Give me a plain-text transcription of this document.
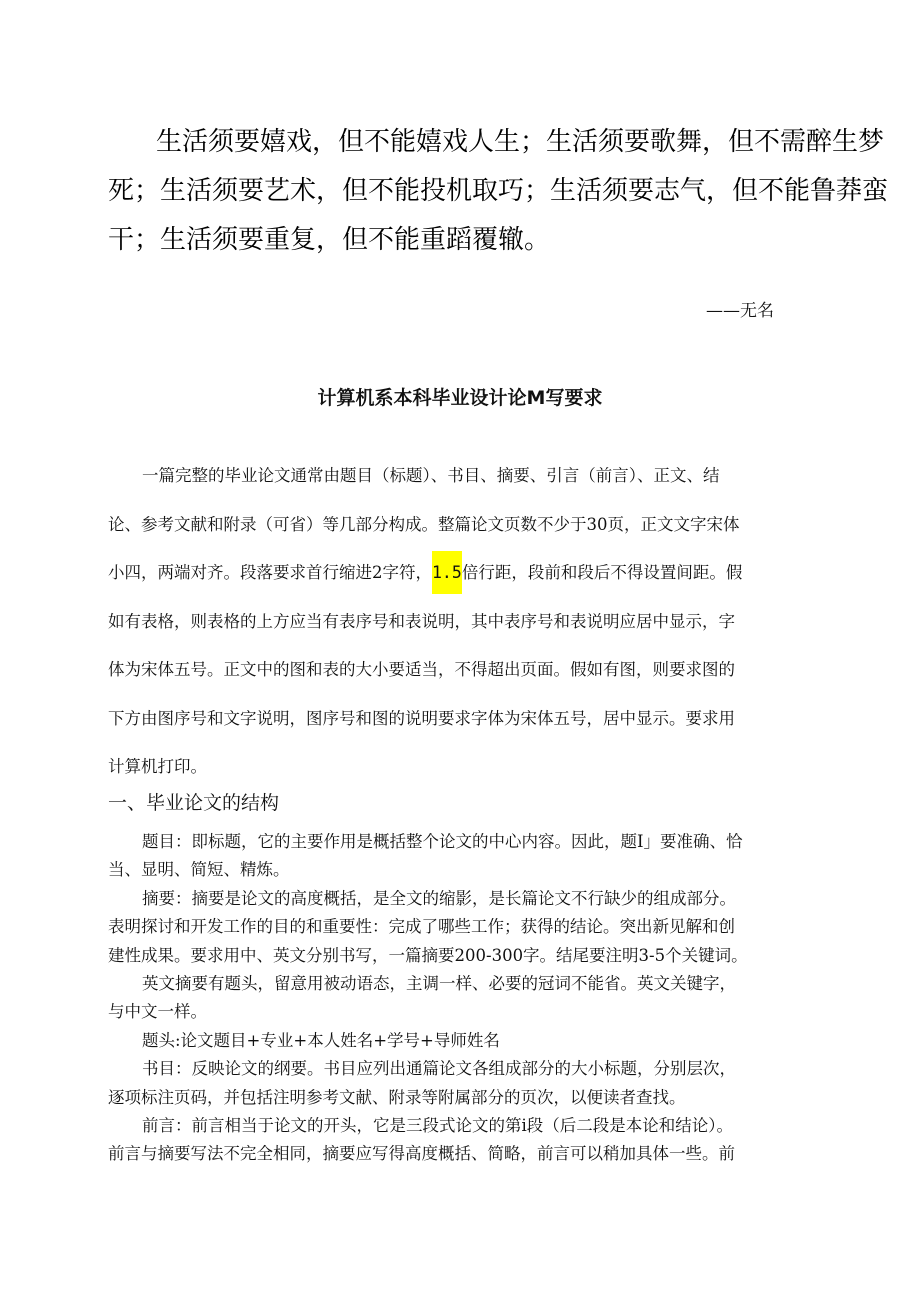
生活须要嬉戏，但不能嬉戏人生；生活须要歌舞，但不需醉生梦
死；生活须要艺术，但不能投机取巧；生活须要志气，但不能鲁莽蛮
干；生活须要重复，但不能重蹈覆辙。
——无名
计算机系本科毕业设计论M写要求
一篇完整的毕业论文通常由题目（标题）、书目、摘要、引言（前言）、正文、结
论、参考文献和附录（可省）等几部分构成。整篇论文页数不少于30页，正文文字宋体
小四，两端对齐。段落要求首行缩进2字符，1.5倍行距，段前和段后不得设置间距。假
如有表格，则表格的上方应当有表序号和表说明，其中表序号和表说明应居中显示，字
体为宋体五号。正文中的图和表的大小要适当，不得超出页面。假如有图，则要求图的
下方由图序号和文字说明，图序号和图的说明要求字体为宋体五号，居中显示。要求用
计算机打印。
一、毕业论文的结构
题目：即标题，它的主要作用是概括整个论文的中心内容。因此，题Ⅰ」要准确、恰
当、显明、简短、精炼。
摘要：摘要是论文的高度概括，是全文的缩影，是长篇论文不行缺少的组成部分。
表明探讨和开发工作的目的和重要性：完成了哪些工作；获得的结论。突出新见解和创
建性成果。要求用中、英文分别书写，一篇摘要200-300字。结尾要注明3-5个关键词。
英文摘要有题头，留意用被动语态，主调一样、必要的冠词不能省。英文关键字，
与中文一样。
题头:论文题目+专业+本人姓名+学号+导师姓名
书目：反映论文的纲要。书目应列出通篇论文各组成部分的大小标题，分别层次，
逐项标注页码，并包括注明参考文献、附录等附属部分的页次，以便读者查找。
前言：前言相当于论文的开头，它是三段式论文的第i段（后二段是本论和结论）。
前言与摘要写法不完全相同，摘要应写得高度概括、简略，前言可以稍加具体一些。前
